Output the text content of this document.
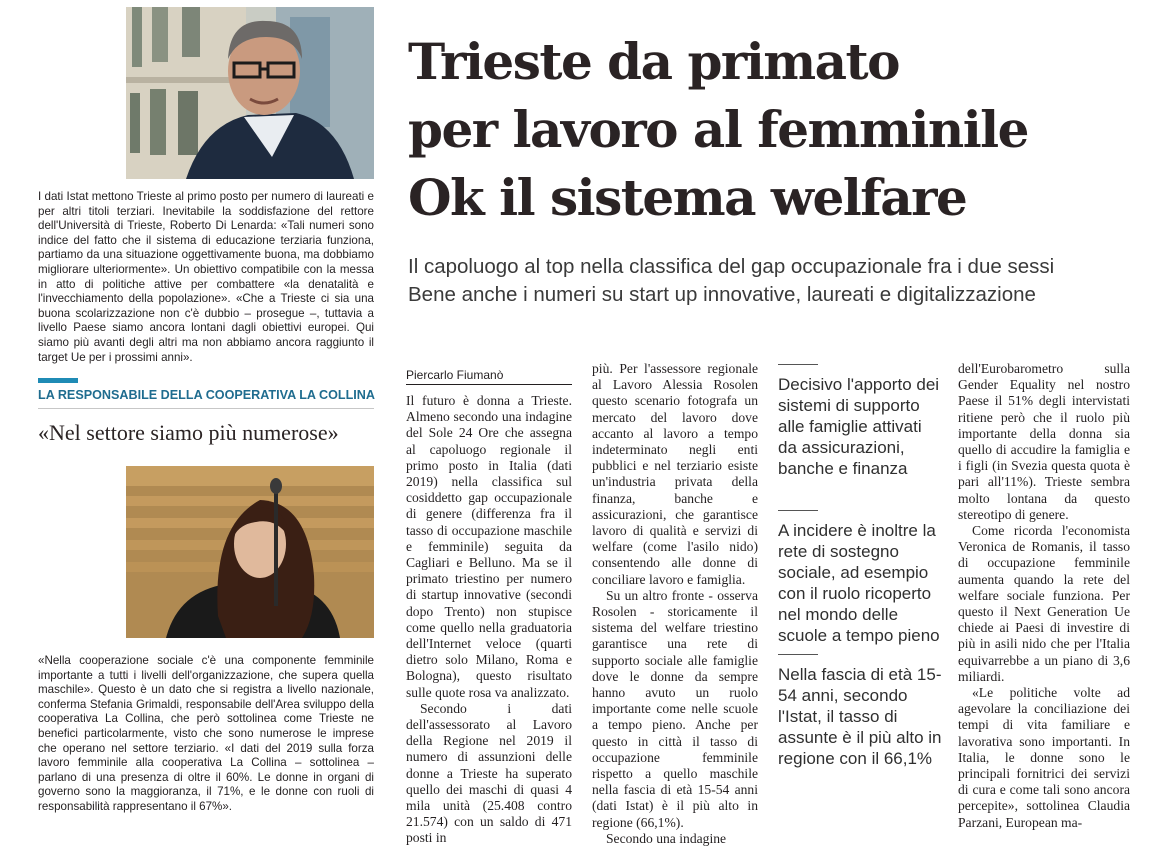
I dati Istat mettono Trieste al primo posto per numero di laureati e per altri titoli terziari. Inevitabile la soddisfazione del rettore dell'Università di Trieste, Roberto Di Lenarda: «Tali numeri sono indice del fatto che il sistema di educazione terziaria funziona, partiamo da una situazione oggettivamente buona, ma dobbiamo migliorare ulteriormente». Un obiettivo compatibile con la messa in atto di politiche attive per combattere «la denatalità e l'invecchiamento della popolazione». «Che a Trieste ci sia una buona scolarizzazione non c'è dubbio – prosegue –, tuttavia a livello Paese siamo ancora lontani dagli obiettivi europei. Qui siamo più avanti degli altri ma non abbiamo ancora raggiunto il target Ue per i prossimi anni».

Trieste da primato
per lavoro al femminile
Ok il sistema welfare

Il capoluogo al top nella classifica del gap occupazionale fra i due sessi
Bene anche i numeri su start up innovative, laureati e digitalizzazione

LA RESPONSABILE DELLA COOPERATIVA LA COLLINA

«Nel settore siamo più numerose»

«Nella cooperazione sociale c'è una componente femminile importante a tutti i livelli dell'organizzazione, che supera quella maschile». Questo è un dato che si registra a livello nazionale, conferma Stefania Grimaldi, responsabile dell'Area sviluppo della cooperativa La Collina, che però sottolinea come Trieste ne benefici particolarmente, visto che sono numerose le imprese che operano nel settore terziario. «I dati del 2019 sulla forza lavoro femminile alla cooperativa La Collina – sottolinea – parlano di una presenza di oltre il 60%. Le donne in organi di governo sono la maggioranza, il 71%, e le donne con ruoli di responsabilità rappresentano il 67%».

Piercarlo Fiumanò

Il futuro è donna a Trieste. Almeno secondo una indagine del Sole 24 Ore che assegna al capoluogo regionale il primo posto in Italia (dati 2019) nella classifica sul cosiddetto gap occupazionale di genere (differenza fra il tasso di occupazione maschile e femminile) seguita da Cagliari e Belluno. Ma se il primato triestino per numero di startup innovative (secondi dopo Trento) non stupisce come quello nella graduatoria dell'Internet veloce (quarti dietro solo Milano, Roma e Bologna), questo risultato sulle quote rosa va analizzato.

Secondo i dati dell'assessorato al Lavoro della Regione nel 2019 il numero di assunzioni delle donne a Trieste ha superato quello dei maschi di quasi 4 mila unità (25.408 contro 21.574) con un saldo di 471 posti in

più. Per l'assessore regionale al Lavoro Alessia Rosolen questo scenario fotografa un mercato del lavoro dove accanto al lavoro a tempo indeterminato negli enti pubblici e nel terziario esiste un'industria privata della finanza, banche e assicurazioni, che garantisce lavoro di qualità e servizi di welfare (come l'asilo nido) consentendo alle donne di conciliare lavoro e famiglia.

Su un altro fronte - osserva Rosolen - storicamente il sistema del welfare triestino garantisce una rete di supporto sociale alle famiglie dove le donne da sempre hanno avuto un ruolo importante come nelle scuole a tempo pieno. Anche per questo in città il tasso di occupazione femminile rispetto a quello maschile nella fascia di età 15-54 anni (dati Istat) è il più alto in regione (66,1%).

Secondo una indagine

Decisivo l'apporto dei sistemi di supporto alle famiglie attivati da assicurazioni, banche e finanza

A incidere è inoltre la rete di sostegno sociale, ad esempio con il ruolo ricoperto nel mondo delle scuole a tempo pieno

Nella fascia di età 15-54 anni, secondo l'Istat, il tasso di assunte è il più alto in regione con il 66,1%

dell'Eurobarometro sulla Gender Equality nel nostro Paese il 51% degli intervistati ritiene però che il ruolo più importante della donna sia quello di accudire la famiglia e i figli (in Svezia questa quota è pari all'11%). Trieste sembra molto lontana da questo stereotipo di genere.

Come ricorda l'economista Veronica de Romanis, il tasso di occupazione femminile aumenta quando la rete del welfare sociale funziona. Per questo il Next Generation Ue chiede ai Paesi di investire di più in asili nido che per l'Italia equivarrebbe a un piano di 3,6 miliardi.

«Le politiche volte ad agevolare la conciliazione dei tempi di vita familiare e lavorativa sono importanti. In Italia, le donne sono le principali fornitrici dei servizi di cura e come tali sono ancora percepite», sottolinea Claudia Parzani, European ma-
